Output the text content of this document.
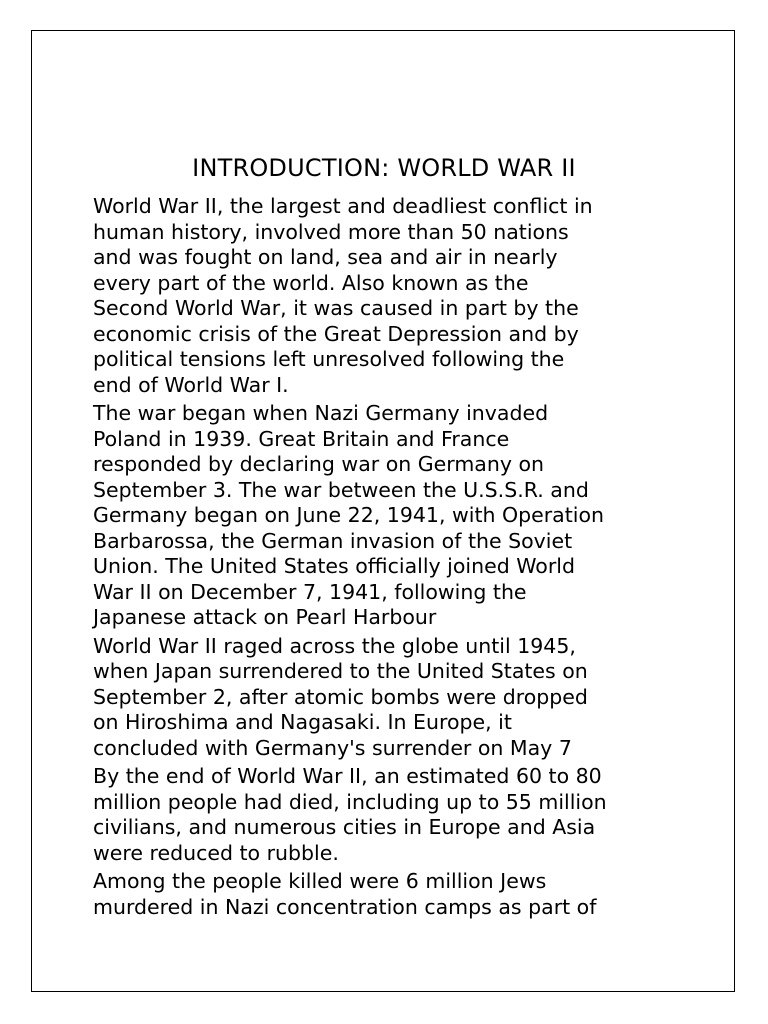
INTRODUCTION: WORLD WAR II

World War II, the largest and deadliest conflict in
human history, involved more than 50 nations
and was fought on land, sea and air in nearly
every part of the world. Also known as the
Second World War, it was caused in part by the
economic crisis of the Great Depression and by
political tensions left unresolved following the
end of World War I.

The war began when Nazi Germany invaded
Poland in 1939. Great Britain and France
responded by declaring war on Germany on
September 3. The war between the U.S.S.R. and
Germany began on June 22, 1941, with Operation
Barbarossa, the German invasion of the Soviet
Union. The United States officially joined World
War II on December 7, 1941, following the
Japanese attack on Pearl Harbour

World War II raged across the globe until 1945,
when Japan surrendered to the United States on
September 2, after atomic bombs were dropped
on Hiroshima and Nagasaki. In Europe, it
concluded with Germany's surrender on May 7

By the end of World War II, an estimated 60 to 80
million people had died, including up to 55 million
civilians, and numerous cities in Europe and Asia
were reduced to rubble.

Among the people killed were 6 million Jews
murdered in Nazi concentration camps as part of
